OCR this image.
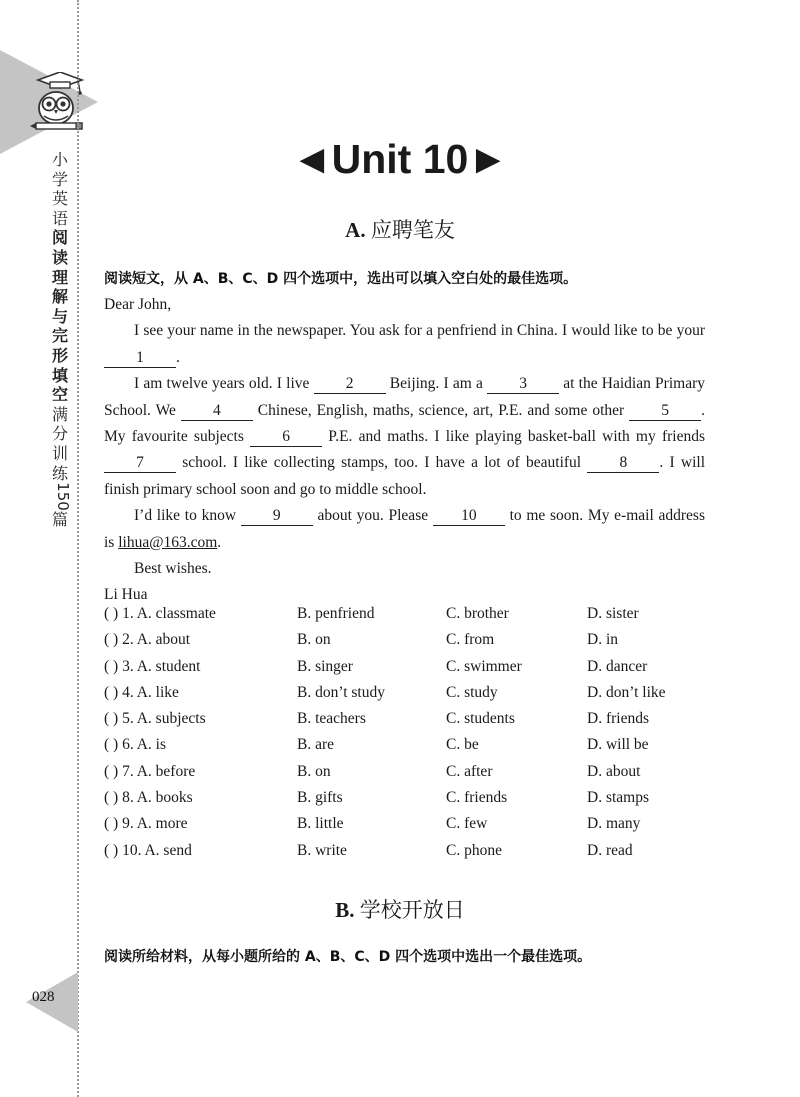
小学英语阅读理解与完形填空满分训练
150
篇
028
◀ Unit 10 ▶
A. 应聘笔友
阅读短文，从 A、B、C、D 四个选项中，选出可以填入空白处的最佳选项。

Dear John,

I see your name in the newspaper. You ask for a penfriend in China. I would like to be your 1 .

I am twelve years old. I live 2 Beijing. I am a 3 at the Haidian Primary School. We 4 Chinese, English, maths, science, art, P.E. and some other 5 . My favourite subjects 6 P.E. and maths. I like playing basket-ball with my friends 7 school. I like collecting stamps, too. I have a lot of beautiful 8 . I will finish primary school soon and go to middle school.

I’d like to know 9 about you. Please 10 to me soon. My e-mail address is lihua@163.com.

Best wishes.

Li Hua

( ) 1. A. classmate	B. penfriend	C. brother	D. sister
( ) 2. A. about	B. on	C. from	D. in
( ) 3. A. student	B. singer	C. swimmer	D. dancer
( ) 4. A. like	B. don’t study	C. study	D. don’t like
( ) 5. A. subjects	B. teachers	C. students	D. friends
( ) 6. A. is	B. are	C. be	D. will be
( ) 7. A. before	B. on	C. after	D. about
( ) 8. A. books	B. gifts	C. friends	D. stamps
( ) 9. A. more	B. little	C. few	D. many
( ) 10. A. send	B. write	C. phone	D. read
B. 学校开放日
阅读所给材料，从每小题所给的 A、B、C、D 四个选项中选出一个最佳选项。
